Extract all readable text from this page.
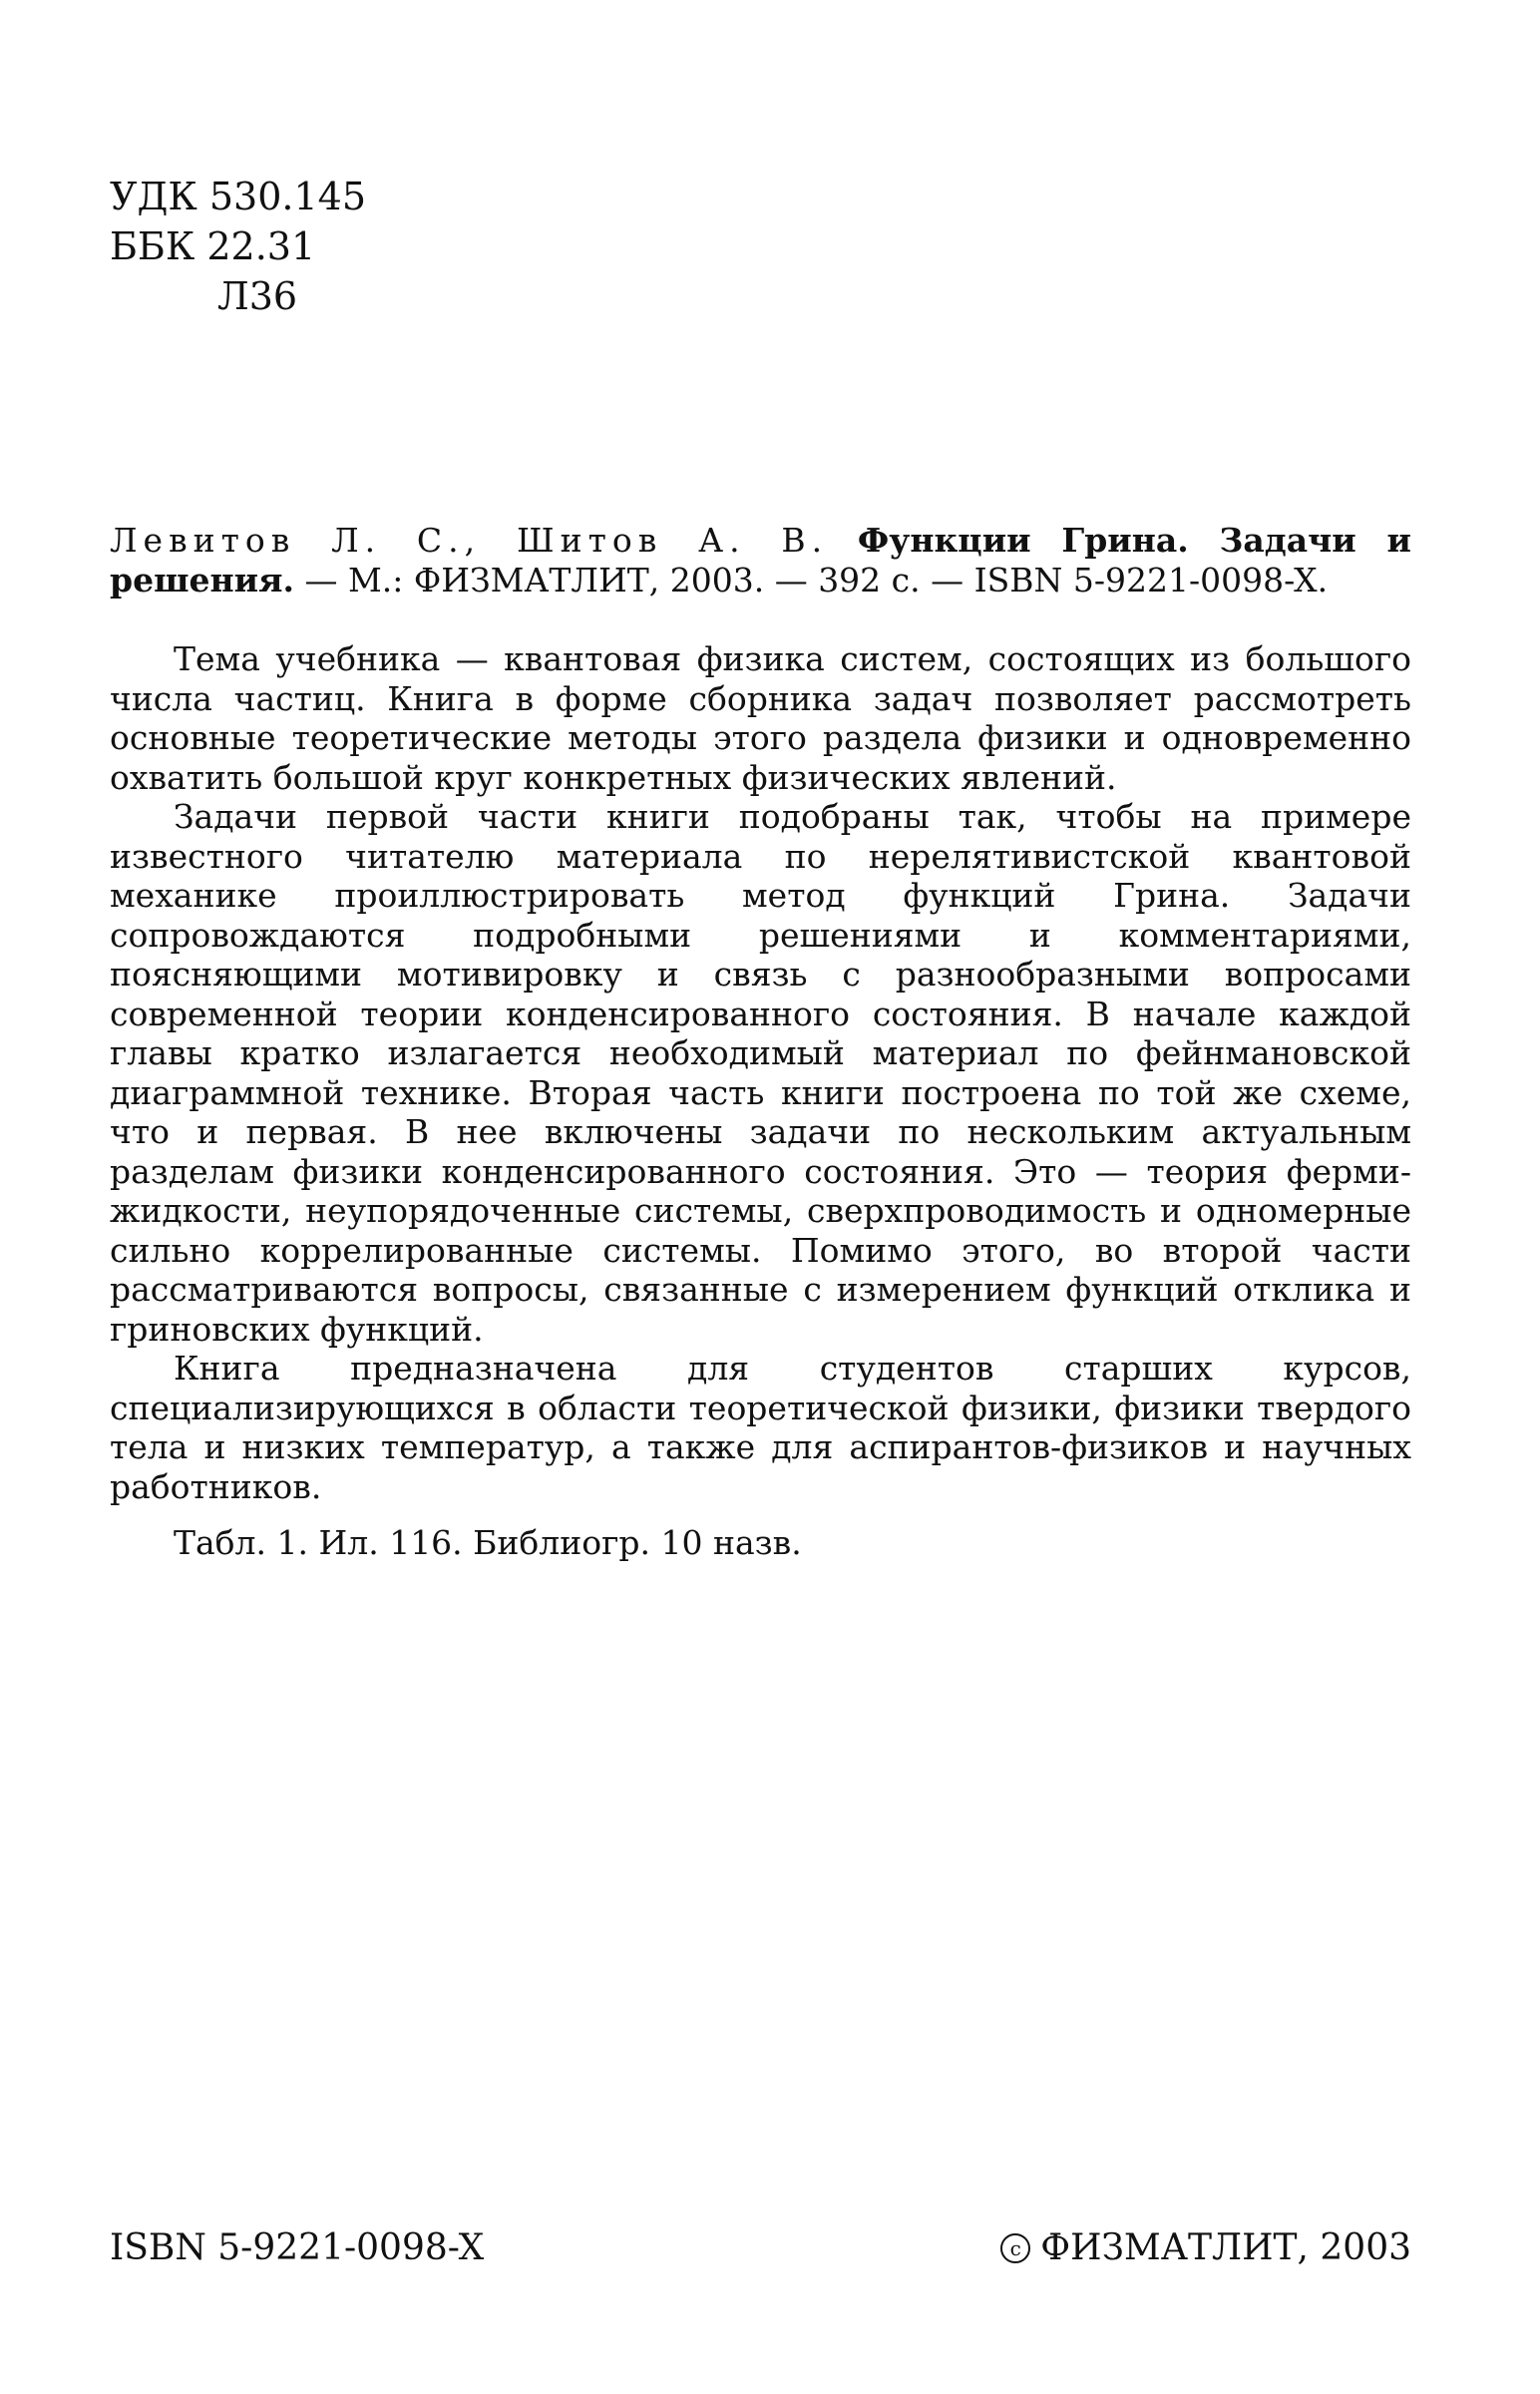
УДК 530.145
ББК 22.31
Л36

Левитов Л. С., Шитов А. В. Функции Грина. Задачи и решения. — М.: ФИЗМАТЛИТ, 2003. — 392 с. — ISBN 5-9221-0098-X.

Тема учебника — квантовая физика систем, состоящих из большого числа частиц. Книга в форме сборника задач позволяет рассмотреть основные теоретические методы этого раздела физики и одновременно охватить большой круг конкретных физических явлений.

Задачи первой части книги подобраны так, чтобы на примере известного читателю материала по нерелятивистской квантовой механике проиллюстрировать метод функций Грина. Задачи сопровождаются подробными решениями и комментариями, поясняющими мотивировку и связь с разнообразными вопросами современной теории конденсированного состояния. В начале каждой главы кратко излагается необходимый материал по фейнмановской диаграммной технике. Вторая часть книги построена по той же схеме, что и первая. В нее включены задачи по нескольким актуальным разделам физики конденсированного состояния. Это — теория ферми-жидкости, неупорядоченные системы, сверхпроводимость и одномерные сильно коррелированные системы. Помимо этого, во второй части рассматриваются вопросы, связанные с измерением функций отклика и гриновских функций.

Книга предназначена для студентов старших курсов, специализирующихся в области теоретической физики, физики твердого тела и низких температур, а также для аспирантов-физиков и научных работников.

Табл. 1. Ил. 116. Библиогр. 10 назв.

ISBN 5-9221-0098-X	c ФИЗМАТЛИТ, 2003
